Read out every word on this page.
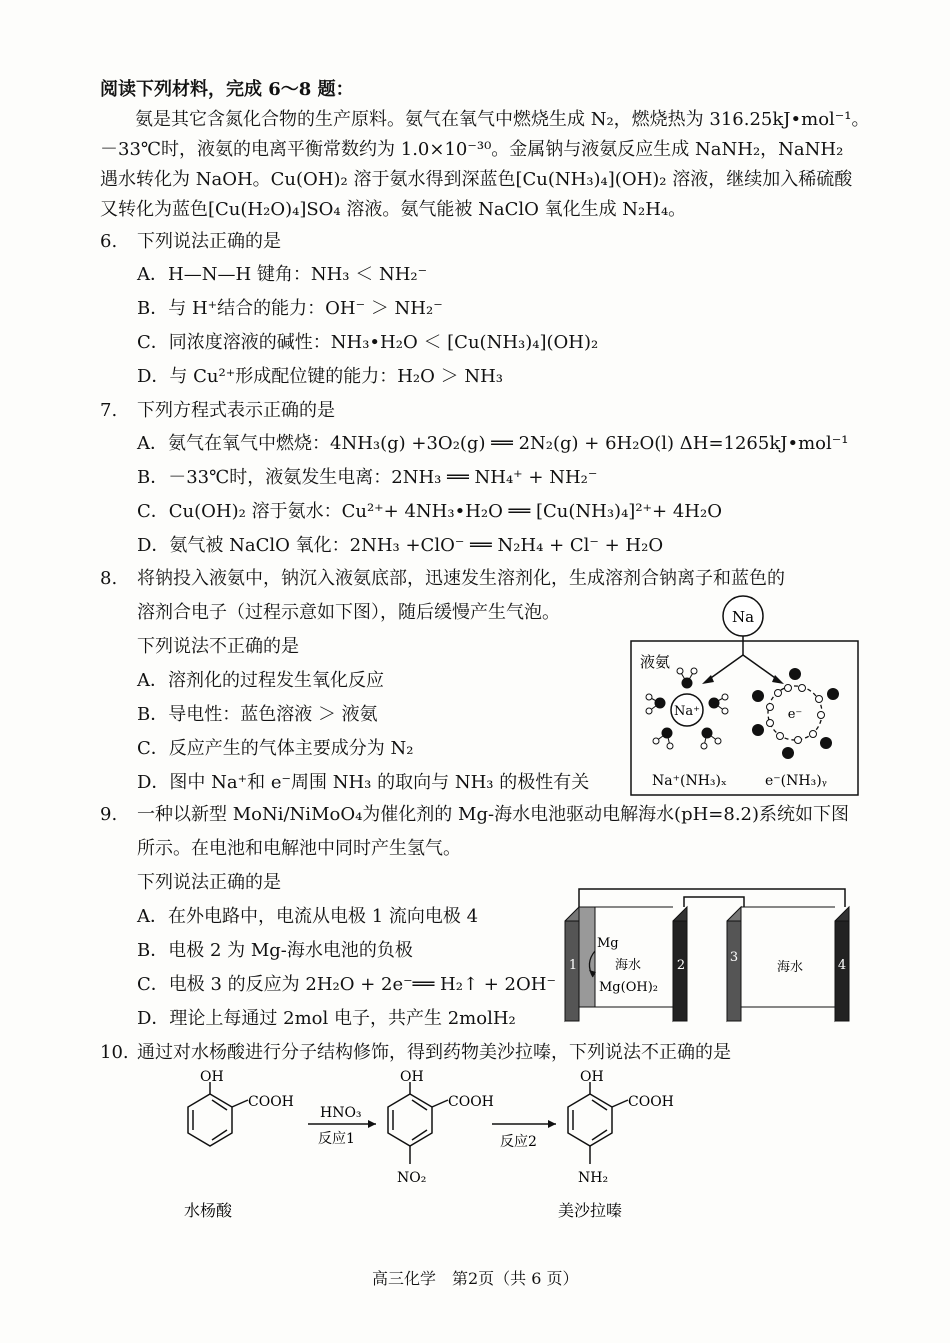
阅读下列材料，完成 6～8 题：
氨是其它含氮化合物的生产原料。氨气在氧气中燃烧生成 N₂，燃烧热为 316.25kJ•mol⁻¹。
－33℃时，液氨的电离平衡常数约为 1.0×10⁻³⁰。金属钠与液氨反应生成 NaNH₂，NaNH₂
遇水转化为 NaOH。Cu(OH)₂ 溶于氨水得到深蓝色[Cu(NH₃)₄](OH)₂ 溶液，继续加入稀硫酸
又转化为蓝色[Cu(H₂O)₄]SO₄ 溶液。氨气能被 NaClO 氧化生成 N₂H₄。
6. 下列说法正确的是
A．H—N—H 键角：NH₃ ＜ NH₂⁻
B．与 H⁺结合的能力：OH⁻ ＞ NH₂⁻
C．同浓度溶液的碱性：NH₃•H₂O ＜ [Cu(NH₃)₄](OH)₂
D．与 Cu²⁺形成配位键的能力：H₂O ＞ NH₃
7. 下列方程式表示正确的是
A．氨气在氧气中燃烧：4NH₃(g) +3O₂(g) ══ 2N₂(g) + 6H₂O(l) ΔH=1265kJ•mol⁻¹
B．－33℃时，液氨发生电离：2NH₃ ══ NH₄⁺ + NH₂⁻
C．Cu(OH)₂ 溶于氨水：Cu²⁺+ 4NH₃•H₂O ══ [Cu(NH₃)₄]²⁺+ 4H₂O
D．氨气被 NaClO 氧化：2NH₃ +ClO⁻ ══ N₂H₄ + Cl⁻ + H₂O
8. 将钠投入液氨中，钠沉入液氨底部，迅速发生溶剂化，生成溶剂合钠离子和蓝色的
溶剂合电子（过程示意如下图），随后缓慢产生气泡。
下列说法不正确的是
A．溶剂化的过程发生氧化反应
B．导电性：蓝色溶液 ＞ 液氨
C．反应产生的气体主要成分为 N₂
D．图中 Na⁺和 e⁻周围 NH₃ 的取向与 NH₃ 的极性有关
Na
液氨
Na⁺	e⁻
Na⁺(NH₃)ₓ	e⁻(NH₃)ᵧ
9. 一种以新型 MoNi/NiMoO₄为催化剂的 Mg-海水电池驱动电解海水(pH=8.2)系统如下图
所示。在电池和电解池中同时产生氢气。
下列说法正确的是
A．在外电路中，电流从电极 1 流向电极 4
B．电极 2 为 Mg-海水电池的负极
C．电极 3 的反应为 2H₂O + 2e⁻══ H₂↑ + 2OH⁻
D．理论上每通过 2mol 电子，共产生 2molH₂
1	2
Mg
海水
Mg(OH)₂
3
4
海水
10. 通过对水杨酸进行分子结构修饰，得到药物美沙拉嗪，下列说法不正确的是
OH
COOH
HNO₃
反应1
OH
COOH
NO₂
反应2
OH
COOH
NH₂
水杨酸	美沙拉嗪
高三化学　第2页（共 6 页）
